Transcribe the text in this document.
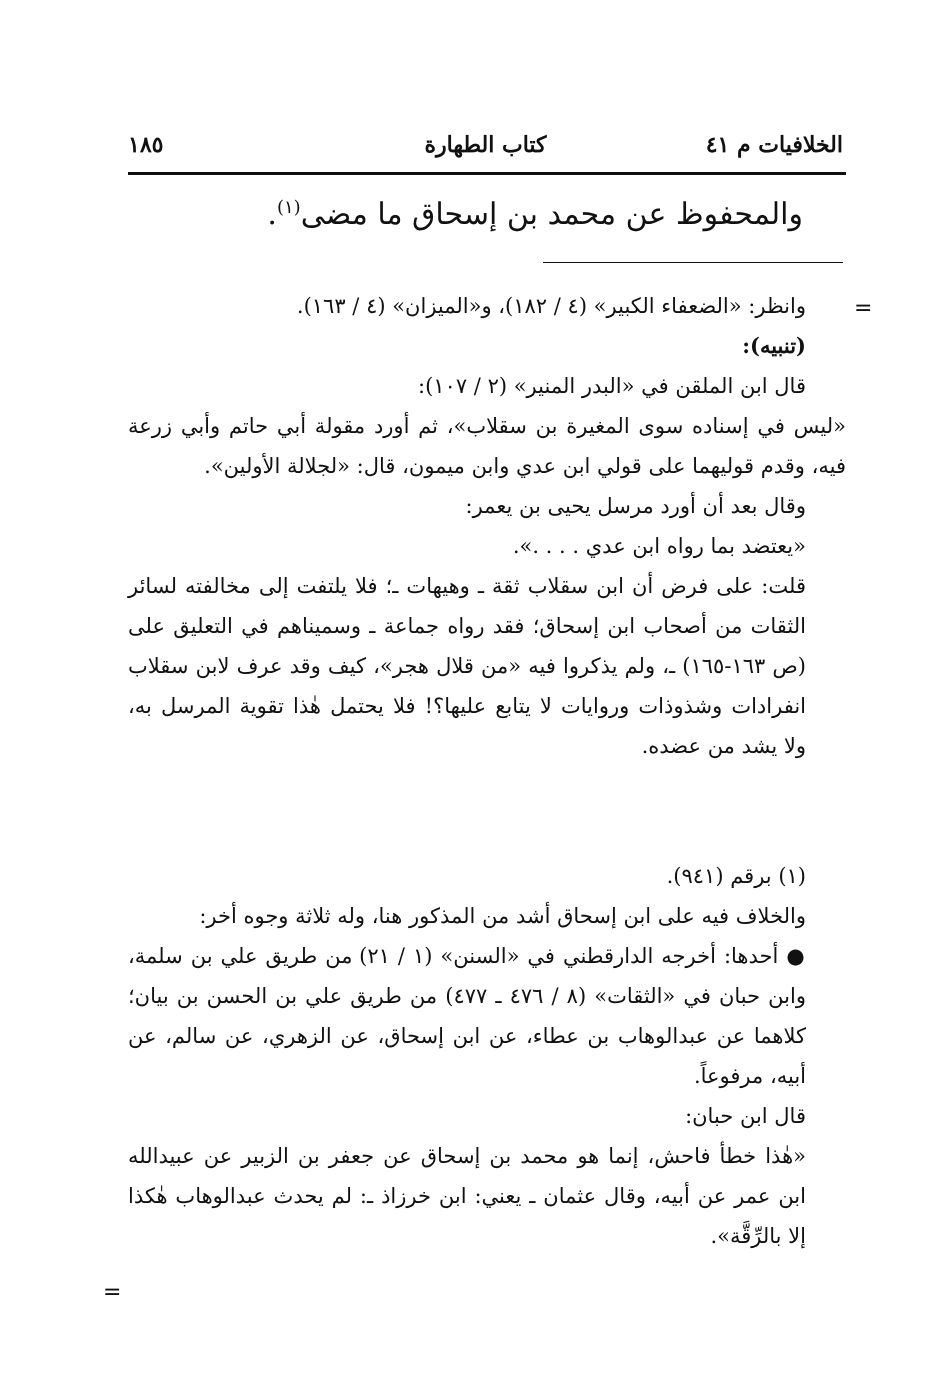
الخلافيات م ٤١
كتاب الطهارة
١٨٥
والمحفوظ عن محمد بن إسحاق ما مضى$^{(١)}$.
=

وانظر: «الضعفاء الكبير» (٤ / ١٨٢)، و«الميزان» (٤ / ١٦٣).

(تنبيه):

قال ابن الملقن في «البدر المنير» (٢ / ١٠٧):

«ليس في إسناده سوى المغيرة بن سقلاب»، ثم أورد مقولة أبي حاتم وأبي زرعة فيه، وقدم قوليهما على قولي ابن عدي وابن ميمون، قال: «لجلالة الأولين».

وقال بعد أن أورد مرسل يحيى بن يعمر:

«يعتضد بما رواه ابن عدي . . . .».

قلت: على فرض أن ابن سقلاب ثقة ـ وهيهات ـ؛ فلا يلتفت إلى مخالفته لسائر الثقات من أصحاب ابن إسحاق؛ فقد رواه جماعة ـ وسميناهم في التعليق على (ص ١٦٣-١٦٥) ـ، ولم يذكروا فيه «من قلال هجر»، كيف وقد عرف لابن سقلاب انفرادات وشذوذات وروايات لا يتابع عليها؟! فلا يحتمل هٰذا تقوية المرسل به، ولا يشد من عضده.

(١) برقم (٩٤١).

والخلاف فيه على ابن إسحاق أشد من المذكور هنا، وله ثلاثة وجوه أخر:

● أحدها: أخرجه الدارقطني في «السنن» (١ / ٢١) من طريق علي بن سلمة، وابن حبان في «الثقات» (٨ / ٤٧٦ ـ ٤٧٧) من طريق علي بن الحسن بن بيان؛ كلاهما عن عبدالوهاب بن عطاء، عن ابن إسحاق، عن الزهري، عن سالم، عن أبيه، مرفوعاً.

قال ابن حبان:

«هٰذا خطأ فاحش، إنما هو محمد بن إسحاق عن جعفر بن الزبير عن عبيدالله ابن عمر عن أبيه، وقال عثمان ـ يعني: ابن خرزاذ ـ: لم يحدث عبدالوهاب هٰكذا إلا بالرِّقَّة».

=
